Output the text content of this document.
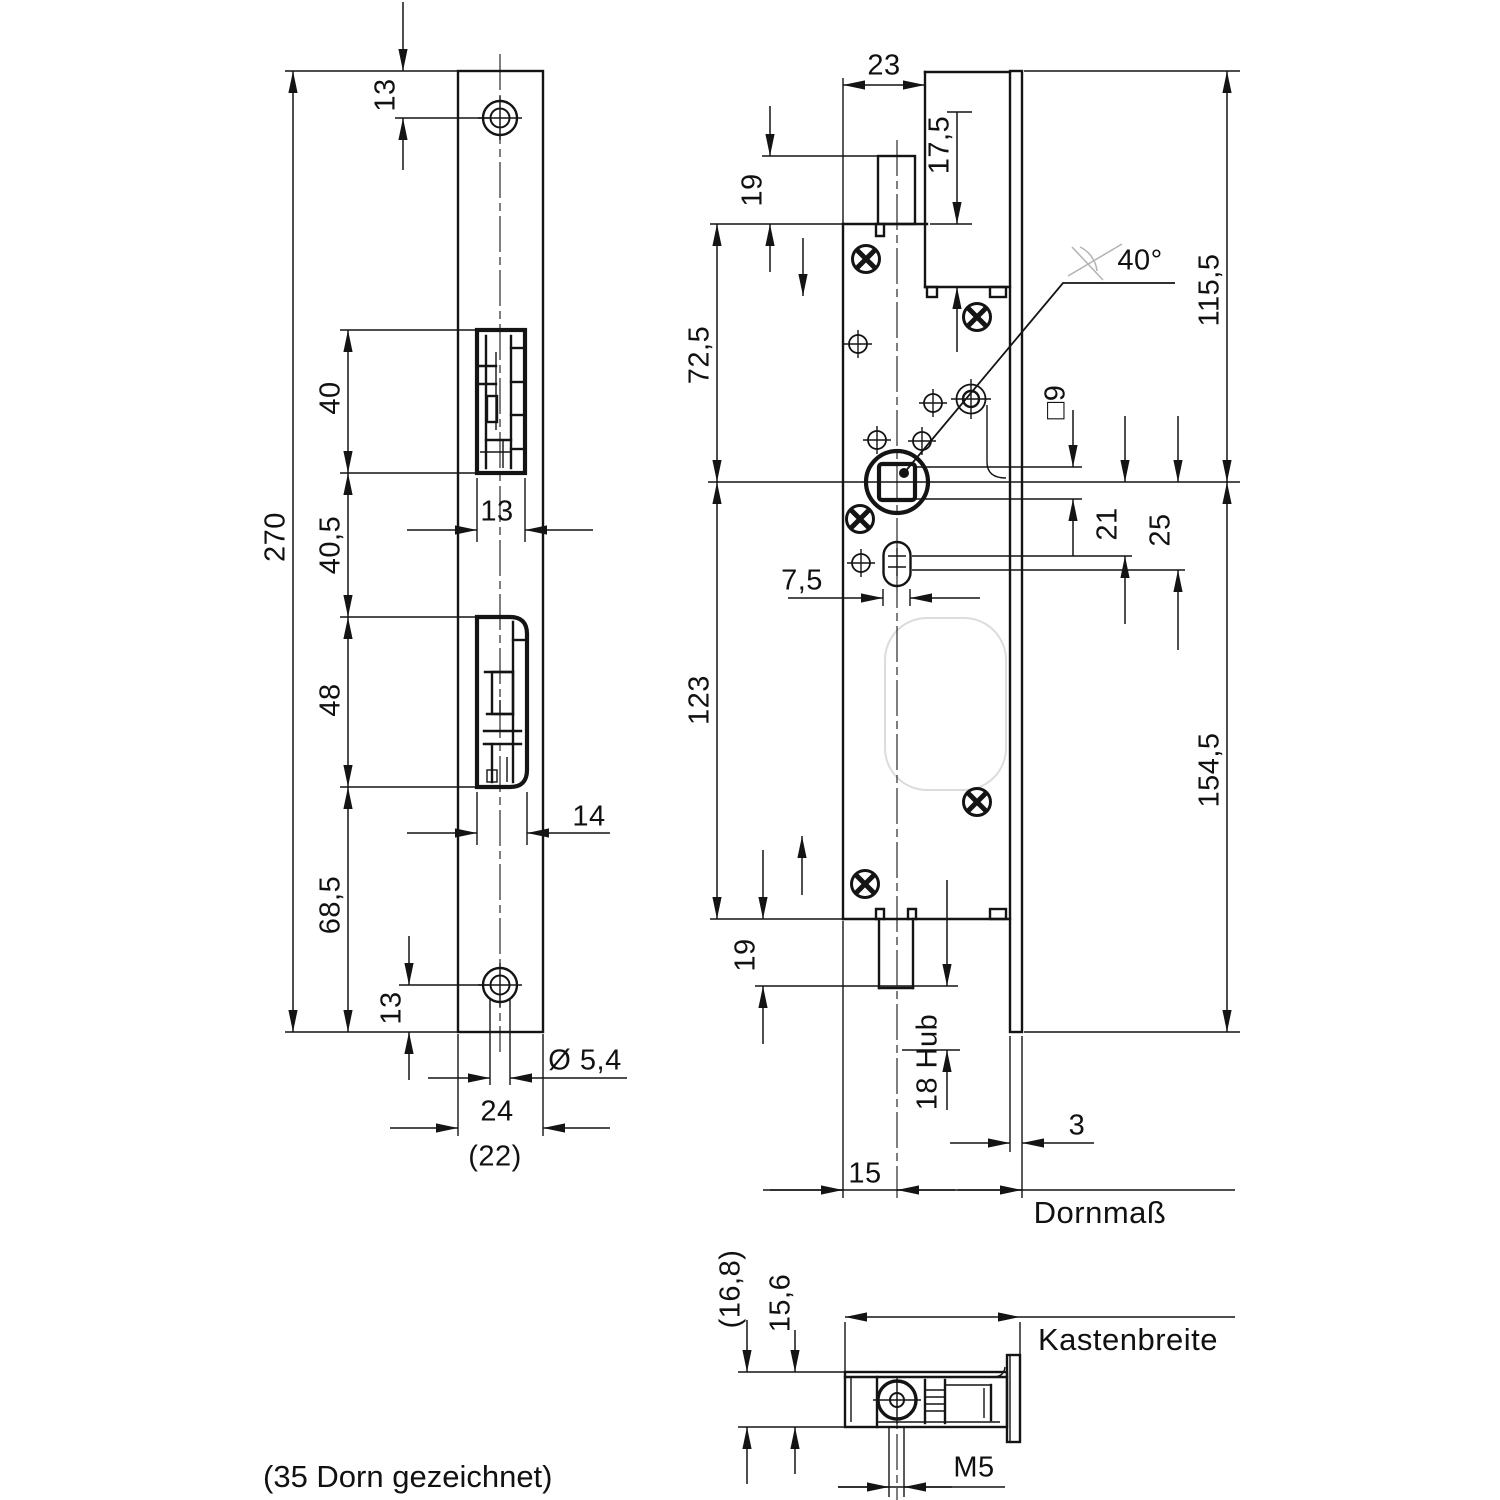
270
13
40
40,5
48
68,5
13
13
14
Ø 5,4
24
(22)
23
19
17,5
72,5
123
7,5
40°
□9
21 25
115,5
154,5
19
18 Hub
3
15
Dornmaß
(16,8) 15,6
Kastenbreite
M5
(35 Dorn gezeichnet)
